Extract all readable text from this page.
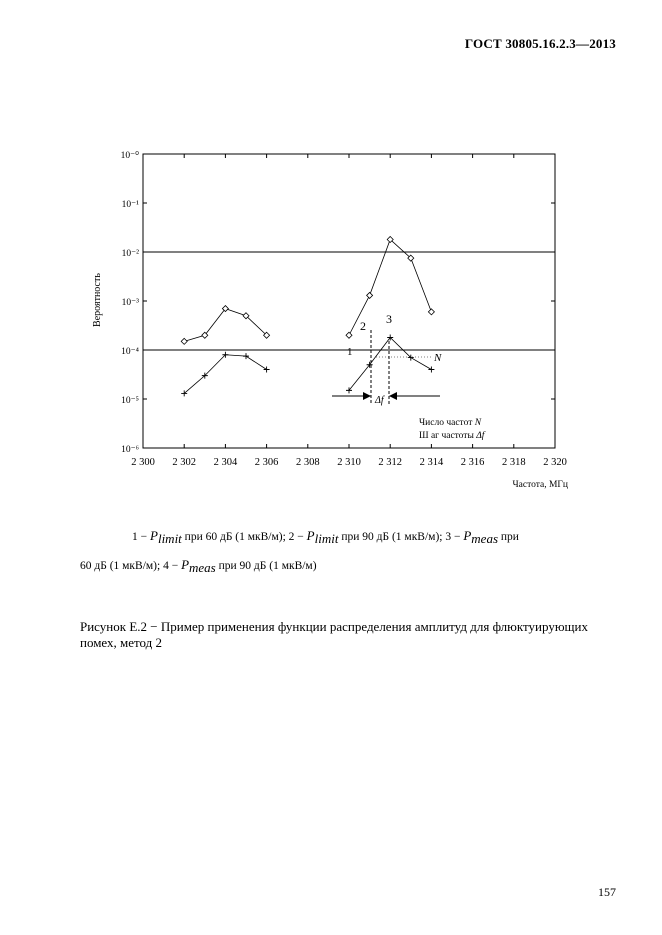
ГОСТ 30805.16.2.3—2013
2 300 2 302 2 304 2 306 2 308 2 310 2 312 2 314 2 316 2 318 2 320
10⁻⁰
10⁻¹
10⁻²
10⁻³
10⁻⁴
10⁻⁵
10⁻⁶
Вероятность
Частота, МГц
1
2 3
N
Δf
Число частот N
Ш аг частоты Δf
$1 - P_{limit}$ при 60 дБ (1 мкВ/м); $2 - P_{limit}$ при 90 дБ (1 мкВ/м); $3 - P_{meas}$ при
60 дБ (1 мкВ/м); $4 - P_{meas}$ при 90 дБ (1 мкВ/м)
Рисунок Е.2 − Пример применения функции распределения амплитуд для флюктуирующих помех, метод 2
157
